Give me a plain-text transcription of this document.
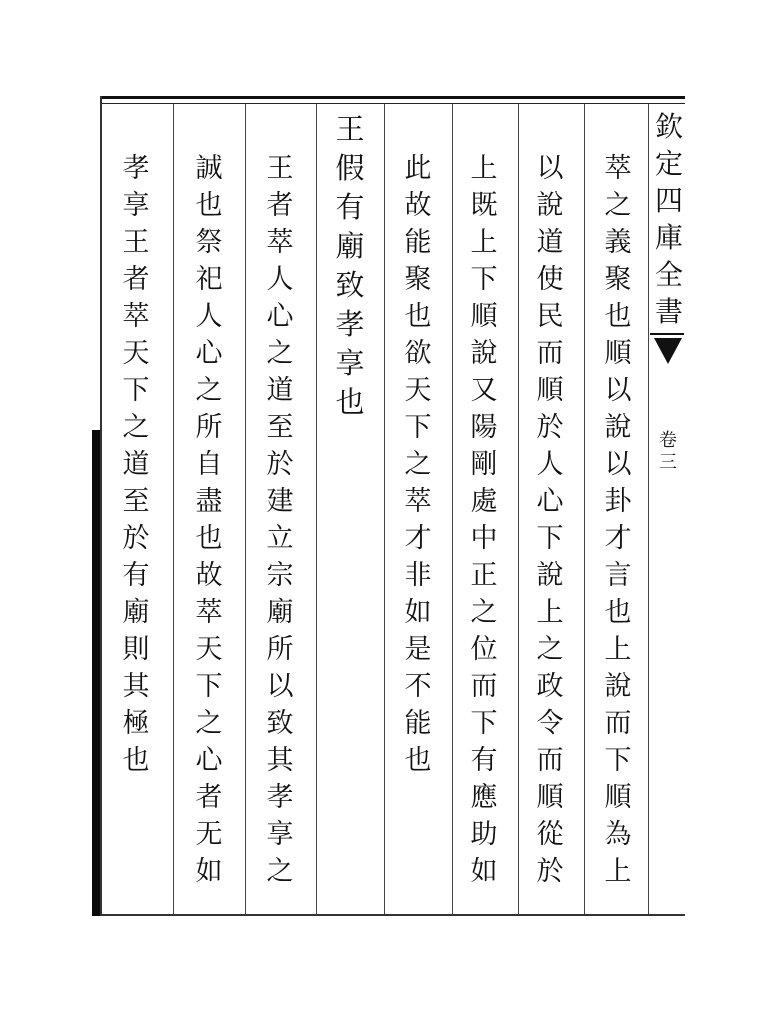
欽
定
四
庫
全
書
卷
三
萃
之
義
聚
也
順
以
說
以
卦
才
言
也
上
說
而
下
順
為
上
以
說
道
使
民
而
順
於
人
心
下
說
上
之
政
令
而
順
從
於
上
既
上
下
順
說
又
陽
剛
處
中
正
之
位
而
下
有
應
助
如
此
故
能
聚
也
欲
天
下
之
萃
才
非
如
是
不
能
也
王
假
有
廟
致
孝
享
也
王
者
萃
人
心
之
道
至
於
建
立
宗
廟
所
以
致
其
孝
享
之
誠
也
祭
祀
人
心
之
所
自
盡
也
故
萃
天
下
之
心
者
无
如
孝
享
王
者
萃
天
下
之
道
至
於
有
廟
則
其
極
也
